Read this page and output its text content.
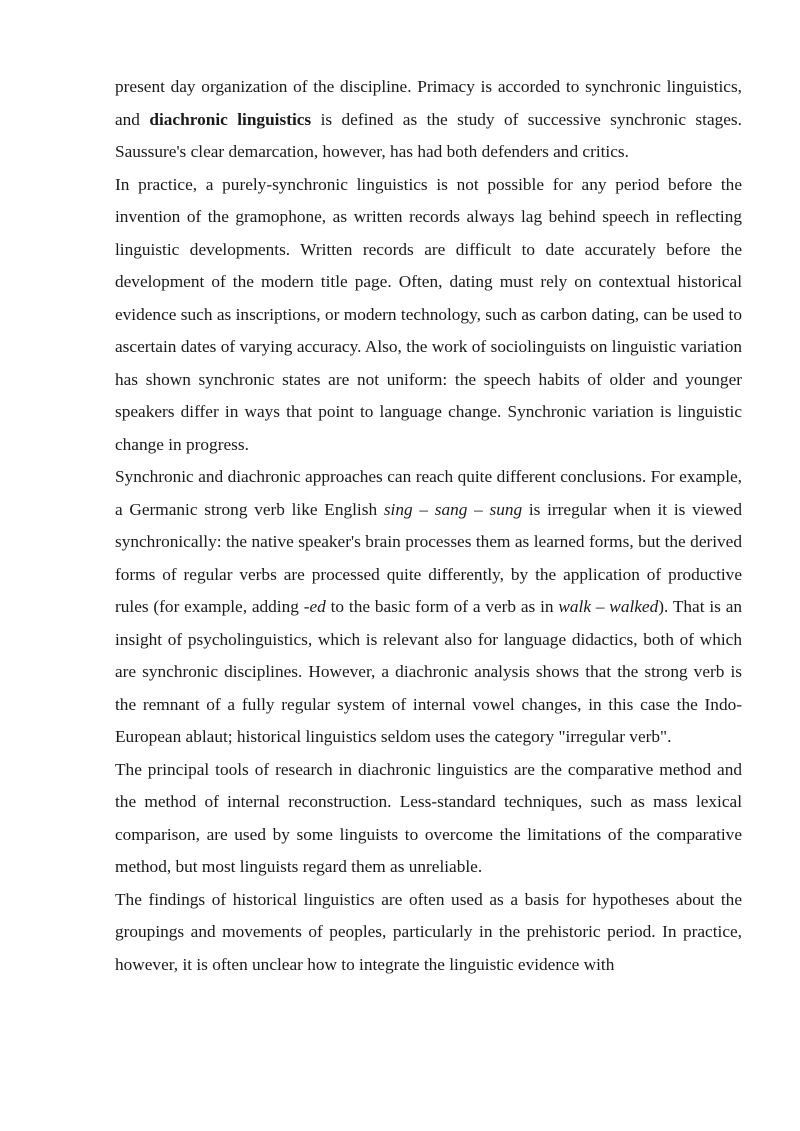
present day organization of the discipline. Primacy is accorded to synchronic linguistics, and diachronic linguistics is defined as the study of successive synchronic stages. Saussure's clear demarcation, however, has had both defenders and critics.

In practice, a purely-synchronic linguistics is not possible for any period before the invention of the gramophone, as written records always lag behind speech in reflecting linguistic developments. Written records are difficult to date accurately before the development of the modern title page. Often, dating must rely on contextual historical evidence such as inscriptions, or modern technology, such as carbon dating, can be used to ascertain dates of varying accuracy. Also, the work of sociolinguists on linguistic variation has shown synchronic states are not uniform: the speech habits of older and younger speakers differ in ways that point to language change. Synchronic variation is linguistic change in progress.

Synchronic and diachronic approaches can reach quite different conclusions. For example, a Germanic strong verb like English sing – sang – sung is irregular when it is viewed synchronically: the native speaker's brain processes them as learned forms, but the derived forms of regular verbs are processed quite differently, by the application of productive rules (for example, adding -ed to the basic form of a verb as in walk – walked). That is an insight of psycholinguistics, which is relevant also for language didactics, both of which are synchronic disciplines. However, a diachronic analysis shows that the strong verb is the remnant of a fully regular system of internal vowel changes, in this case the Indo-European ablaut; historical linguistics seldom uses the category "irregular verb".

The principal tools of research in diachronic linguistics are the comparative method and the method of internal reconstruction. Less-standard techniques, such as mass lexical comparison, are used by some linguists to overcome the limitations of the comparative method, but most linguists regard them as unreliable.

The findings of historical linguistics are often used as a basis for hypotheses about the groupings and movements of peoples, particularly in the prehistoric period. In practice, however, it is often unclear how to integrate the linguistic evidence with
